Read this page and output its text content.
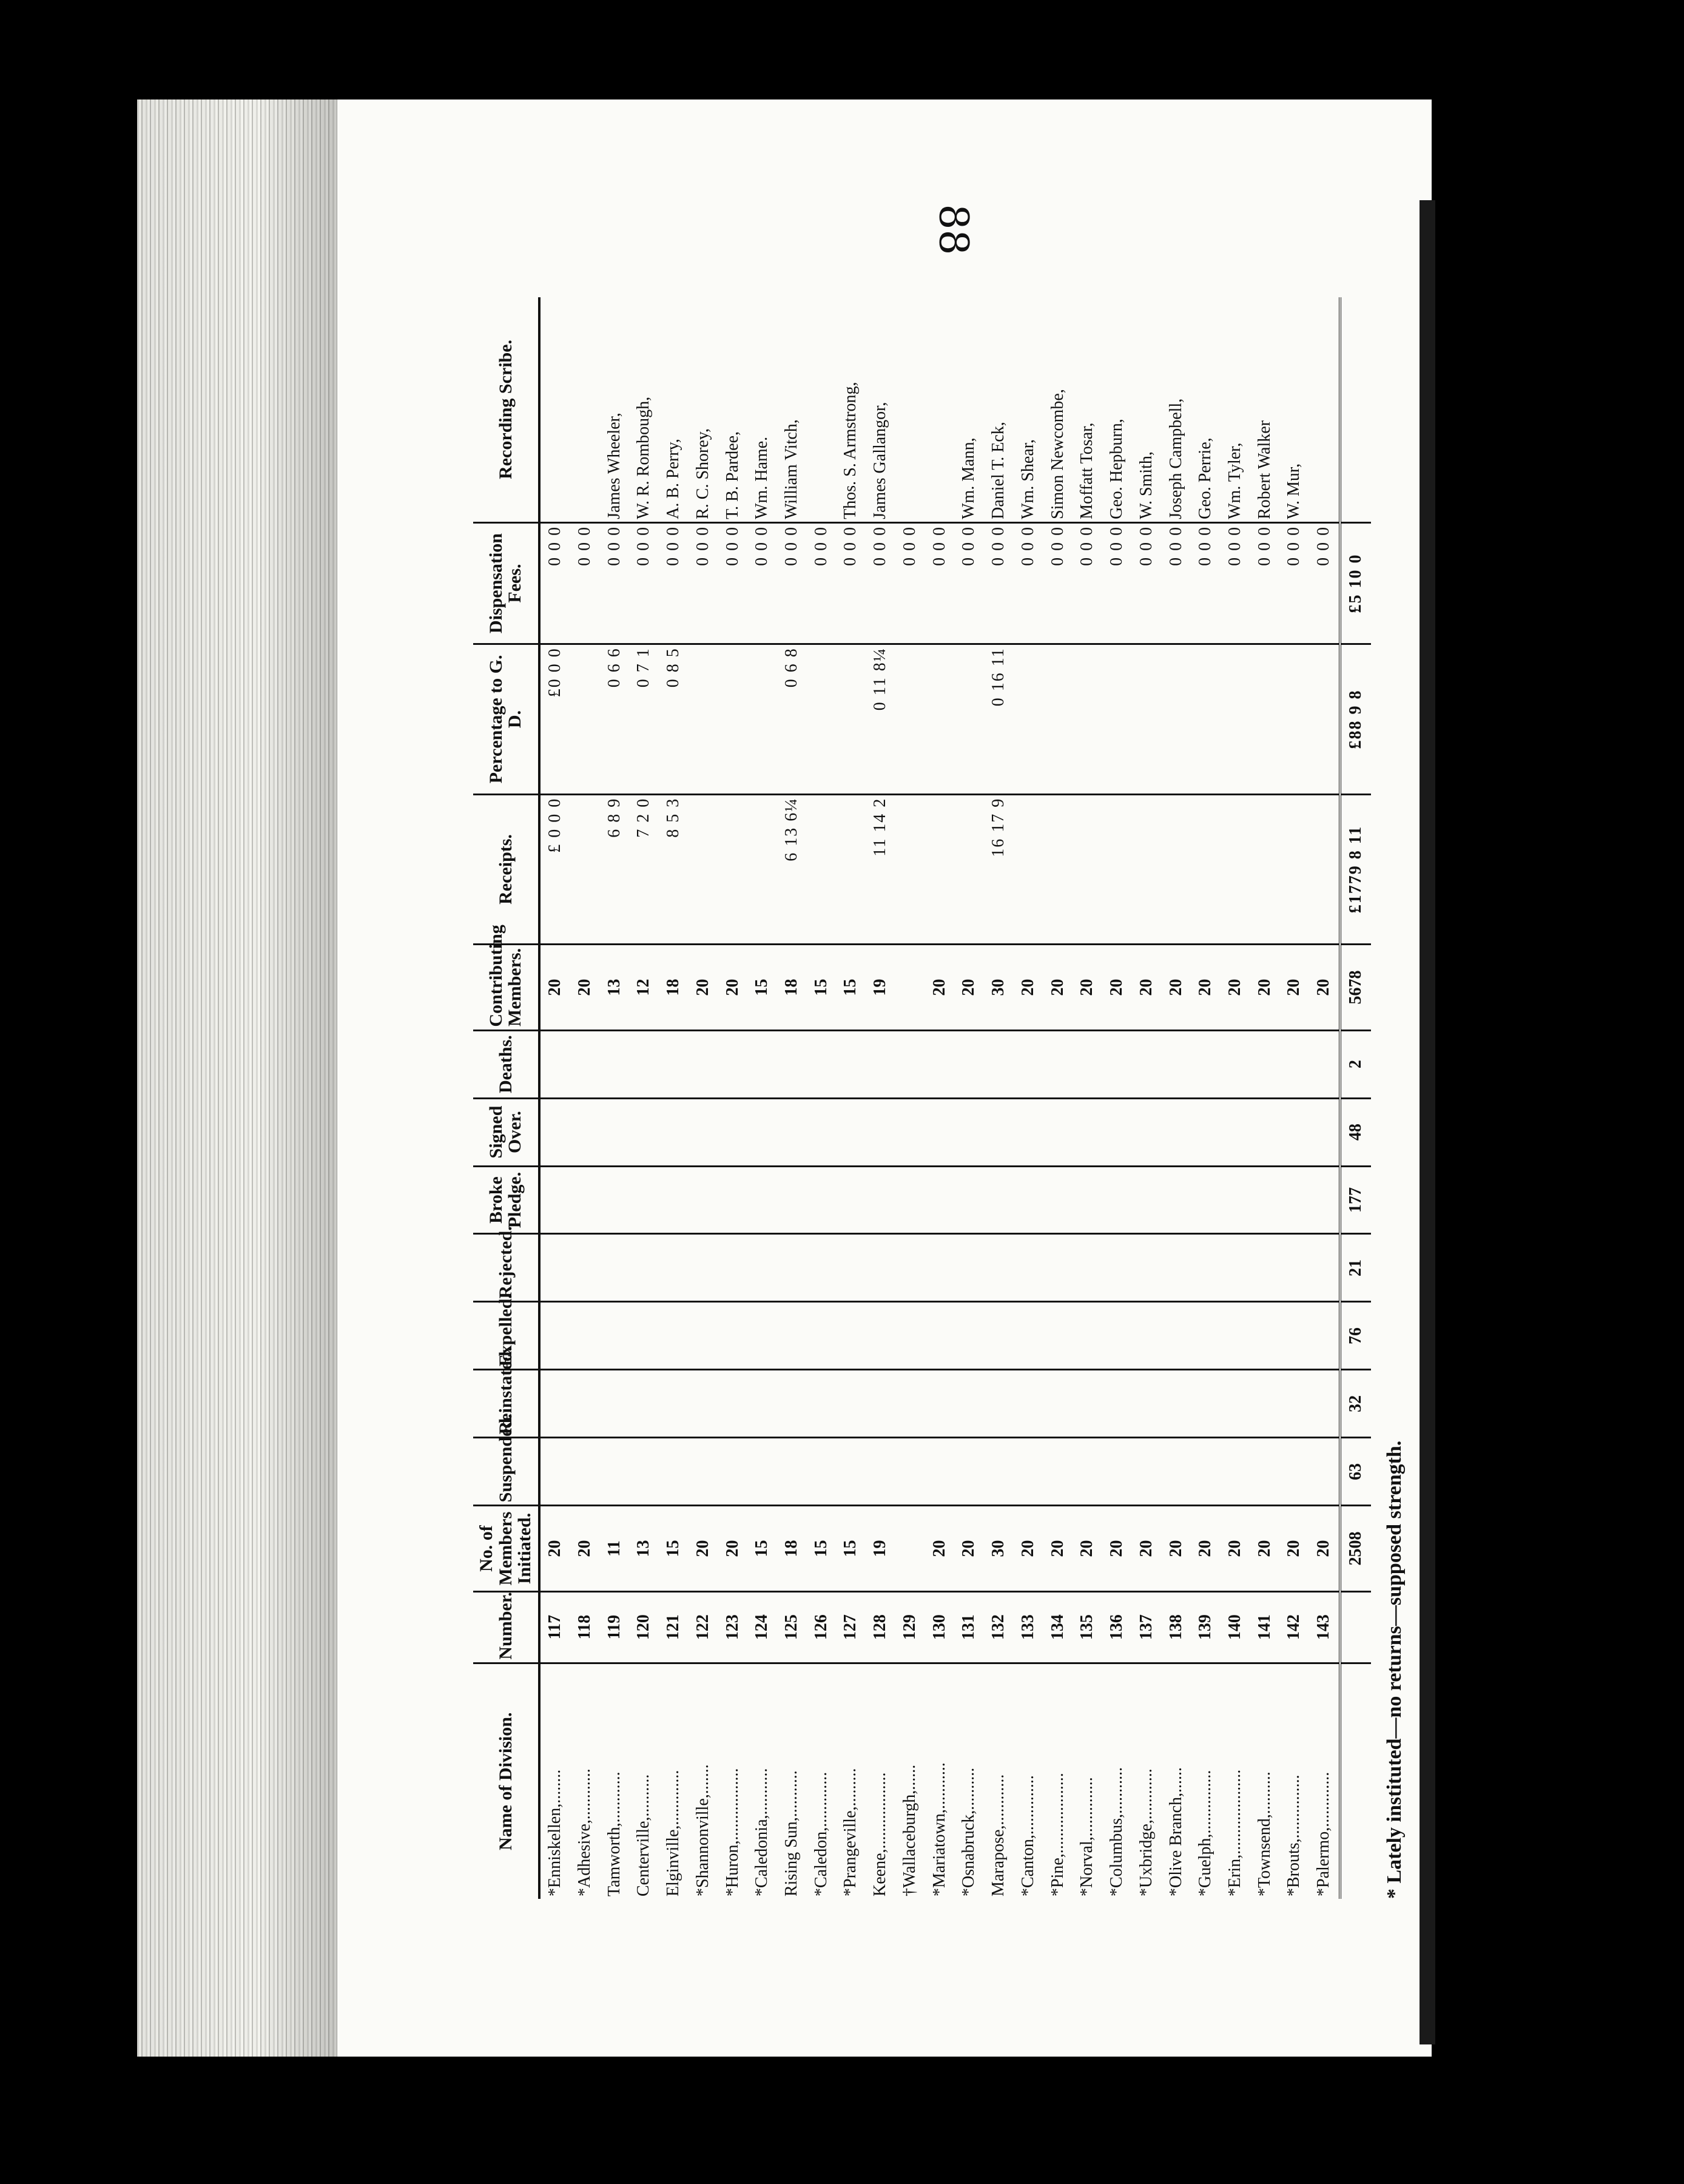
88
Name of Division.	Number.	No. of Members Initiated.	Suspended.	Reinstated.	Expelled.	Rejected.	Broke Pledge.	Signed Over.	Deaths.	Contributing Members.	Receipts.	Percentage to G. D.	Dispensation Fees.	Recording Scribe.
*Enniskellen,........	117	20								20	£ 0 0 0	£0 0 0	0 0 0	
*Adhesive,............	118	20								20			0 0 0	
Tamworth,............	119	11								13	6 8 9	0 6 6	0 0 0	James Wheeler,
Centerville,..........	120	13								12	7 2 0	0 7 1	0 0 0	W. R. Rombough,
Elginville,.............	121	15								18	8 5 3	0 8 5	0 0 0	A. B. Perry,
*Shannonville,.......	122	20								20			0 0 0	R. C. Shorey,
*Huron,.................	123	20								20			0 0 0	T. B. Pardee,
*Caledonia,...........	124	15								15			0 0 0	Wm. Hame.
Rising Sun,...........	125	18								18	6 13 6¼	0 6 8	0 0 0	William Vitch,
*Caledon,.............	126	15								15			0 0 0	
*Prangeville,.........	127	15								15			0 0 0	Thos. S. Armstrong,
Keene,..................	128	19								19	11 14 2	0 11 8¼	0 0 0	James Gallangor,
†Wallaceburgh,......	129												0 0 0	
*Mariatown,...........	130	20								20			0 0 0	
*Osnabruck,..........	131	20								20			0 0 0	Wm. Mann,
Marapose,............	132	30								30	16 17 9	0 16 11	0 0 0	Daniel T. Eck,
*Canton,..............	133	20								20			0 0 0	Wm. Shear,
*Pine,...................	134	20								20			0 0 0	Simon Newcombe,
*Norval,..............	135	20								20			0 0 0	Moffatt Tosar,
*Columbus,...........	136	20								20			0 0 0	Geo. Hepburn,
*Uxbridge,............	137	20								20			0 0 0	W. Smith,
*Olive Branch,......	138	20								20			0 0 0	Joseph Campbell,
*Guelph,...............	139	20								20			0 0 0	Geo. Perrie,
*Erin,....................	140	20								20			0 0 0	Wm. Tyler,
*Townsend,..........	141	20								20			0 0 0	Robert Walker
*Brouts,...............	142	20								20			0 0 0	W. Mur,
*Palermo,.............	143	20								20			0 0 0	
		2508	63	32	76	21	177	48	2	5678	£1779 8 11	£88 9 8	£5 10 0	
* Lately instituted—no returns—supposed strength.
